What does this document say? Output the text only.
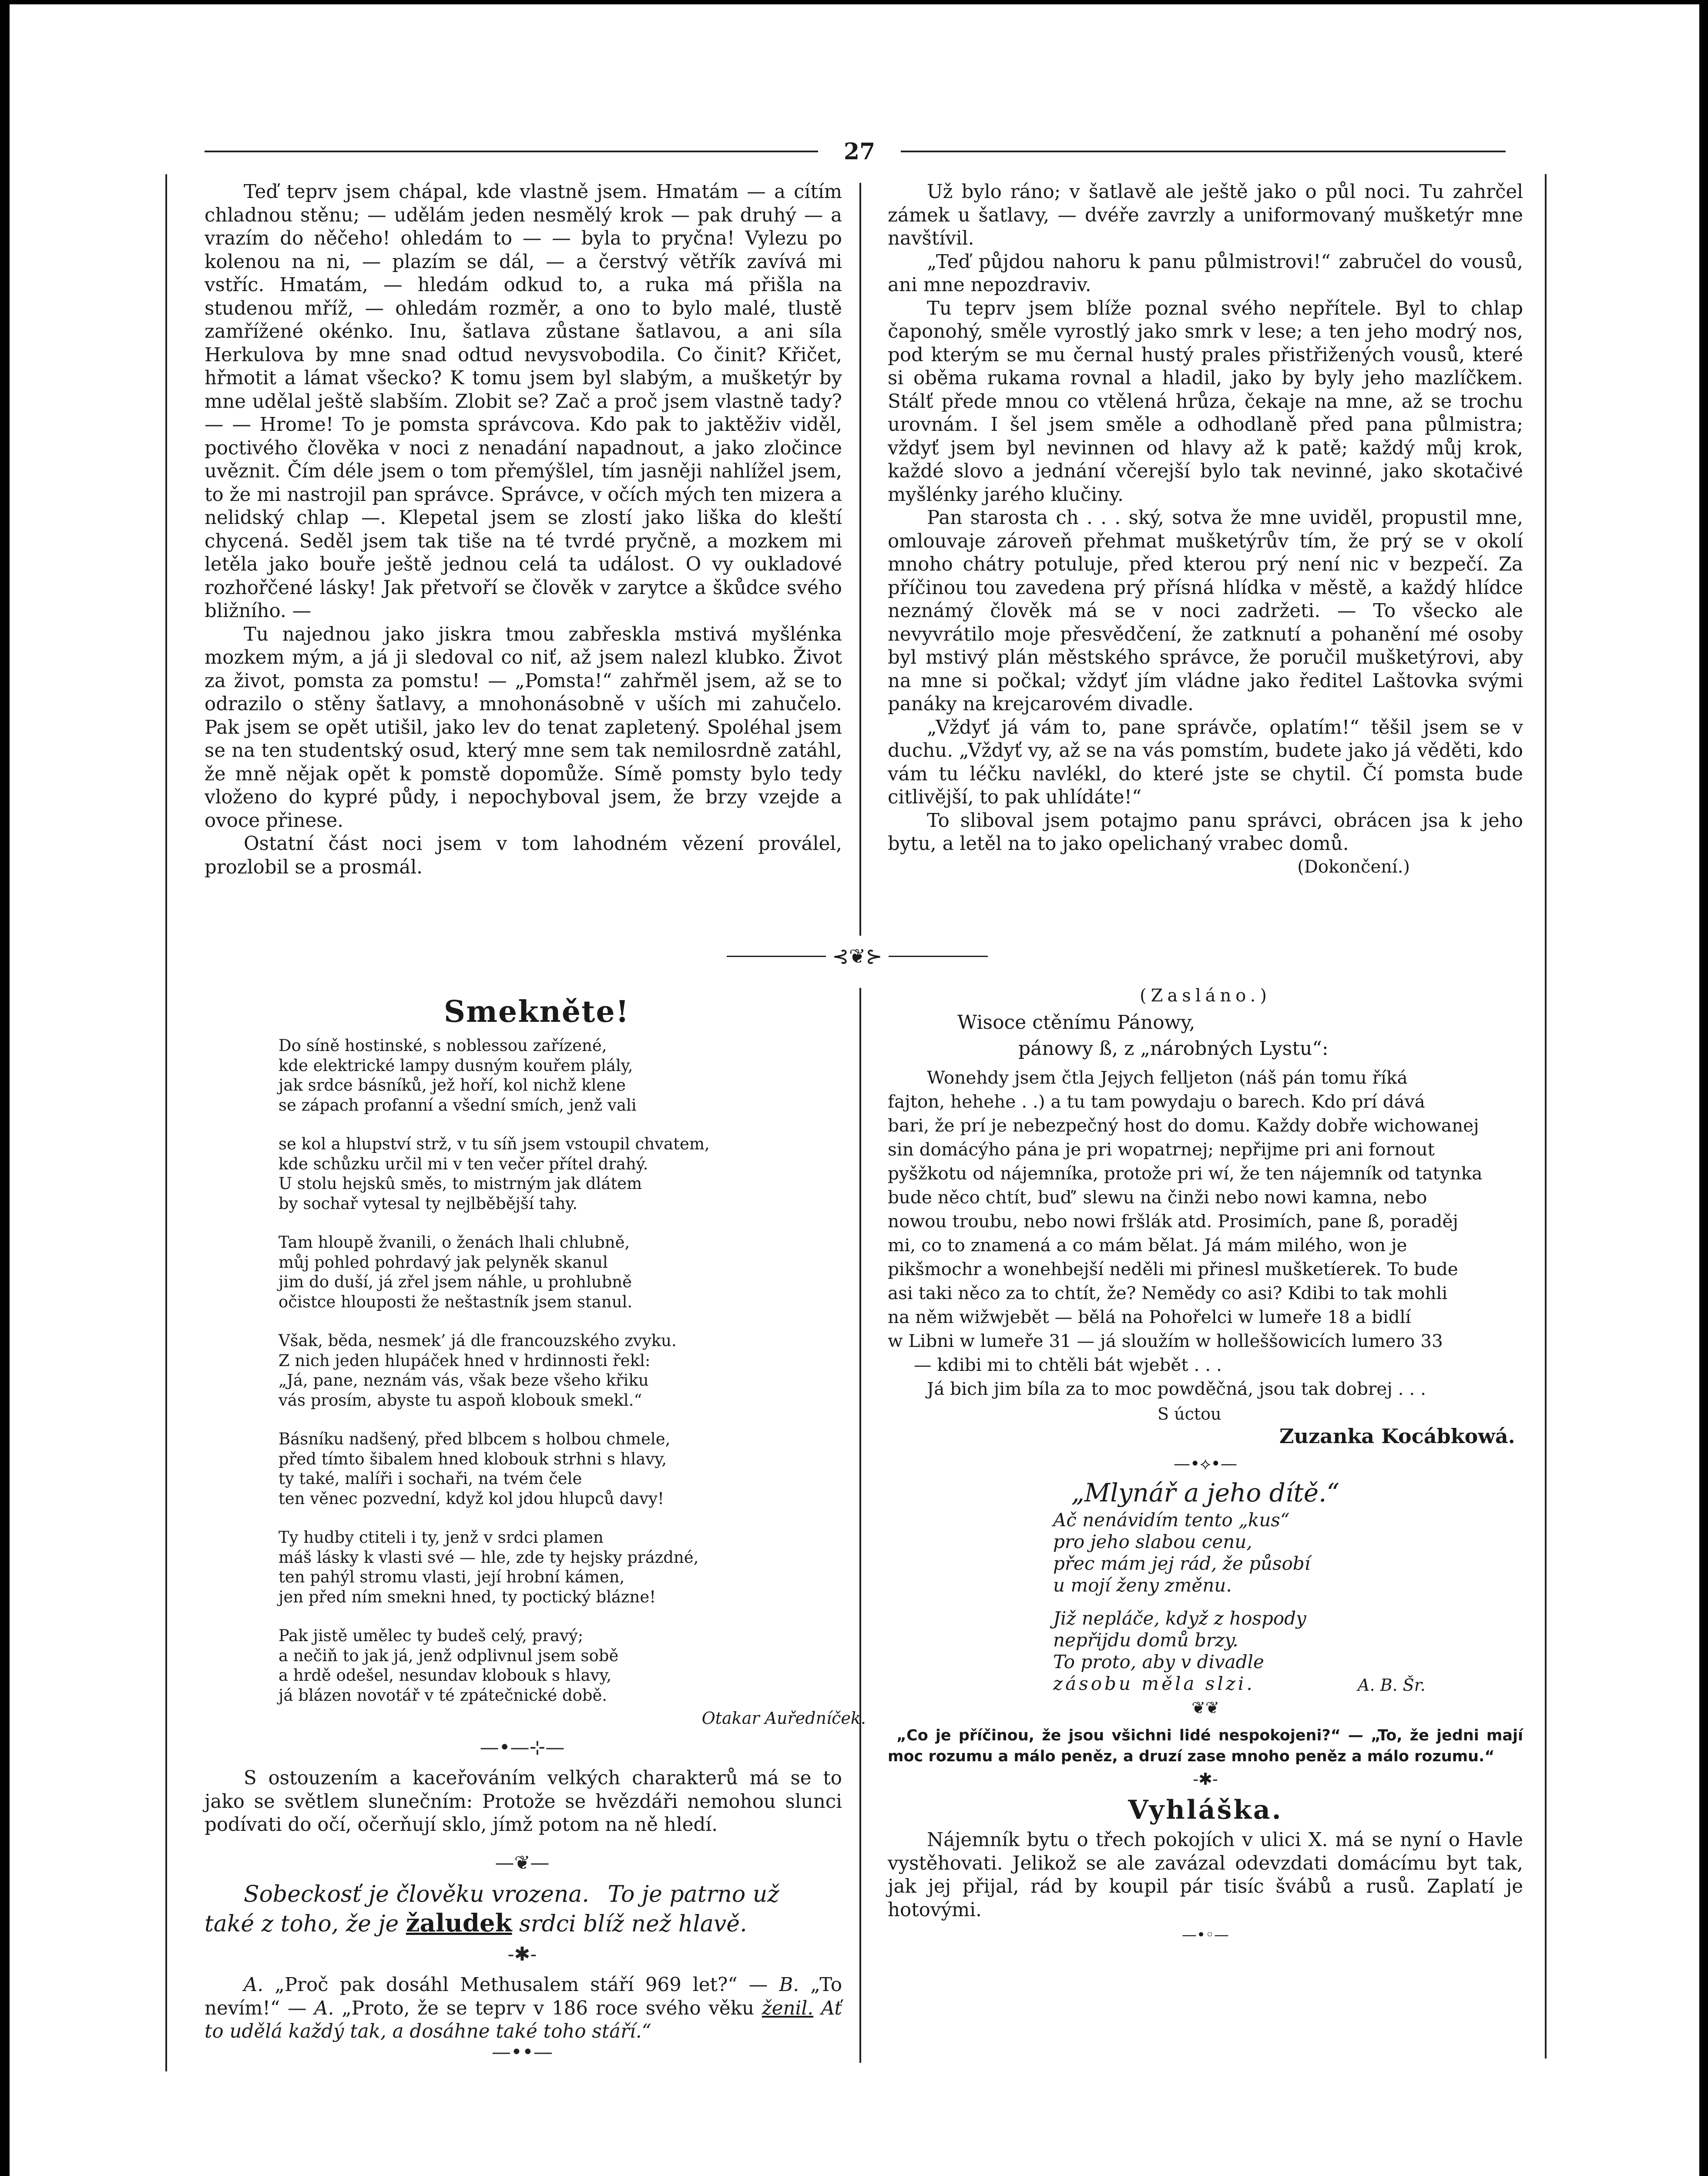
27

Teď teprv jsem chápal, kde vlastně jsem. Hmatám — a cítím chladnou stěnu; — udělám jeden nesmělý krok — pak druhý — a vrazím do něčeho! ohledám to — — byla to pryčna! Vylezu po kolenou na ni, — plazím se dál, — a čerstvý větřík zavívá mi vstříc. Hmatám, — hledám odkud to, a ruka má přišla na studenou mříž, — ohledám rozměr, a ono to bylo malé, tlustě zamřížené okénko. Inu, šatlava zůstane šatlavou, a ani síla Herkulova by mne snad odtud nevysvobodila. Co činit? Křičet, hřmotit a lámat všecko? K tomu jsem byl slabým, a mušketýr by mne udělal ještě slabším. Zlobit se? Zač a proč jsem vlastně tady? — — Hrome! To je pomsta správcova. Kdo pak to jaktěživ viděl, poctivého člověka v noci z nenadání napadnout, a jako zločince uvěznit. Čím déle jsem o tom přemýšlel, tím jasněji nahlížel jsem, to že mi nastrojil pan správce. Správce, v očích mých ten mizera a nelidský chlap —. Klepetal jsem se zlostí jako liška do kleští chycená. Seděl jsem tak tiše na té tvrdé pryčně, a mozkem mi letěla jako bouře ještě jednou celá ta událost. O vy oukladové rozhořčené lásky! Jak přetvoří se člověk v zarytce a škůdce svého bližního. —

Tu najednou jako jiskra tmou zabřeskla mstivá myšlénka mozkem mým, a já ji sledoval co niť, až jsem nalezl klubko. Život za život, pomsta za pomstu! — „Pomsta!“ zahřměl jsem, až se to odrazilo o stěny šatlavy, a mnohonásobně v uších mi zahučelo. Pak jsem se opět utišil, jako lev do tenat zapletený. Spoléhal jsem se na ten studentský osud, který mne sem tak nemilosrdně zatáhl, že mně nějak opět k pomstě dopomůže. Símě pomsty bylo tedy vloženo do kypré půdy, i nepochyboval jsem, že brzy vzejde a ovoce přinese.

Ostatní část noci jsem v tom lahodném vězení proválel, prozlobil se a prosmál.

Už bylo ráno; v šatlavě ale ještě jako o půl noci. Tu zahrčel zámek u šatlavy, — dvéře zavrzly a uniformovaný mušketýr mne navštívil.

„Teď půjdou nahoru k panu půlmistrovi!“ zabručel do vousů, ani mne nepozdraviv.

Tu teprv jsem blíže poznal svého nepřítele. Byl to chlap čaponohý, směle vyrostlý jako smrk v lese; a ten jeho modrý nos, pod kterým se mu černal hustý prales přistřižených vousů, které si oběma rukama rovnal a hladil, jako by byly jeho mazlíčkem. Stálť přede mnou co vtělená hrůza, čekaje na mne, až se trochu urovnám. I šel jsem směle a odhodlaně před pana půlmistra; vždyť jsem byl nevinnen od hlavy až k patě; každý můj krok, každé slovo a jednání včerejší bylo tak nevinné, jako skotačivé myšlénky jarého klučiny.

Pan starosta ch . . . ský, sotva že mne uviděl, propustil mne, omlouvaje zároveň přehmat mušketýrův tím, že prý se v okolí mnoho chátry potuluje, před kterou prý není nic v bezpečí. Za příčinou tou zavedena prý přísná hlídka v městě, a každý hlídce neznámý člověk má se v noci zadržeti. — To všecko ale nevyvrátilo moje přesvědčení, že zatknutí a pohanění mé osoby byl mstivý plán městského správce, že poručil mušketýrovi, aby na mne si počkal; vždyť jím vládne jako ředitel Laštovka svými panáky na krejcarovém divadle.

„Vždyť já vám to, pane správče, oplatím!“ těšil jsem se v duchu. „Vždyť vy, až se na vás pomstím, budete jako já věděti, kdo vám tu léčku navlékl, do které jste se chytil. Čí pomsta bude citlivější, to pak uhlídáte!“

To sliboval jsem potajmo panu správci, obrácen jsa k jeho bytu, a letěl na to jako opelichaný vrabec domů.

(Dokončení.)
⊰❦⊱
Smekněte!
Do síně hostinské, s noblessou zařízené,
kde elektrické lampy dusným kouřem plály,
jak srdce básníků, jež hoří, kol nichž klene
se zápach profanní a všední smích, jenž vali
se kol a hlupství strž, v tu síň jsem vstoupil chvatem,
kde schůzku určil mi v ten večer přítel drahý.
U stolu hejskû směs, to mistrným jak dlátem
by sochař vytesal ty nejlběbější tahy.
Tam hloupě žvanili, o ženách lhali chlubně,
můj pohled pohrdavý jak pelyněk skanul
jim do duší, já zřel jsem náhle, u prohlubně
očistce hlouposti že neštastník jsem stanul.
Však, běda, nesmek’ já dle francouzského zvyku.
Z nich jeden hlupáček hned v hrdinnosti řekl:
„Já, pane, neznám vás, však beze všeho křiku
vás prosím, abyste tu aspoň klobouk smekl.“
Básníku nadšený, před blbcem s holbou chmele,
před tímto šibalem hned klobouk strhni s hlavy,
ty také, malíři i sochaři, na tvém čele
ten věnec pozvední, když kol jdou hlupců davy!
Ty hudby ctiteli i ty, jenž v srdci plamen
máš lásky k vlasti své — hle, zde ty hejsky prázdné,
ten pahýl stromu vlasti, její hrobní kámen,
jen před ním smekni hned, ty poctický blázne!
Pak jistě umělec ty budeš celý, pravý;
a nečiň to jak já, jenž odplivnul jsem sobě
a hrdě odešel, nesundav klobouk s hlavy,
já blázen novotář v té zpátečnické době.
Otakar Auředníček.
—•—⊹—

S ostouzením a kaceřováním velkých charakterů má se to jako se světlem slunečním: Protože se hvězdáři nemohou slunci podívati do očí, očerňují sklo, jímž potom na ně hledí.

—❦—
Sobeckosť je člověku vrozena. To je patrno už
také z toho, že je žaludek srdci blíž než hlavě.
-✱-

A. „Proč pak dosáhl Methusalem stáří 969 let?“ — B. „To nevím!“ — A. „Proto, že se teprv v 186 roce svého věku ženil. Ať to udělá každý tak, a dosáhne také toho stáří.“

—••—
(Zasláno.)
Wisoce ctěnímu Pánowy,
pánowy ß, z „nárobných Lystu“:
Wonehdy jsem čtla Jejych felljeton (náš pán tomu říká
fajton, hehehe . .) a tu tam powydaju o barech. Kdo prí dává
bari, že prí je nebezpečný host do domu. Každy dobře wichowanej
sin domácýho pána je pri wopatrnej; nepřijme pri ani fornout
pyšžkotu od nájemníka, protože pri wí, že ten nájemník od tatynka
bude něco chtít, buď’ slewu na činži nebo nowi kamna, nebo
nowou troubu, nebo nowi fršlák atd. Prosimích, pane ß, poraděj
mi, co to znamená a co mám bělat. Já mám milého, won je
pikšmochr a wonehbejší neděli mi přinesl mušketíerek. To bude
asi taki něco za to chtít, že? Nemědy co asi? Kdibi to tak mohli
na něm wižwjebět — bělá na Pohořelci w lumeře 18 a bidlí
w Libni w lumeře 31 — já sloužím w holleššowicích lumero 33
— kdibi mi to chtěli bát wjebět . . .
Já bich jim bíla za to moc powděčná, jsou tak dobrej . . .
S úctou
Zuzanka Kocábkowá.
—•⟡•—
„Mlynář a jeho dítě.“
Ač nenávidím tento „kus“
pro jeho slabou cenu,
přec mám jej rád, že působí
u mojí ženy změnu.
Již nepláče, když z hospody
nepřijdu domů brzy.
To proto, aby v divadle
zásobu měla slzi.	A. B. Šr.
❦❦
„Co je příčinou, že jsou všichni lidé nespokojeni?“ — „To, že jedni mají moc rozumu a málo peněz, a druzí zase mnoho peněz a málo rozumu.“
-✱-
Vyhláška.

Nájemník bytu o třech pokojích v ulici X. má se nyní o Havle vystěhovati. Jelikož se ale zavázal odevzdati domácímu byt tak, jak jej přijal, rád by koupil pár tisíc švábů a rusů. Zaplatí je hotovými.

—•◦—
